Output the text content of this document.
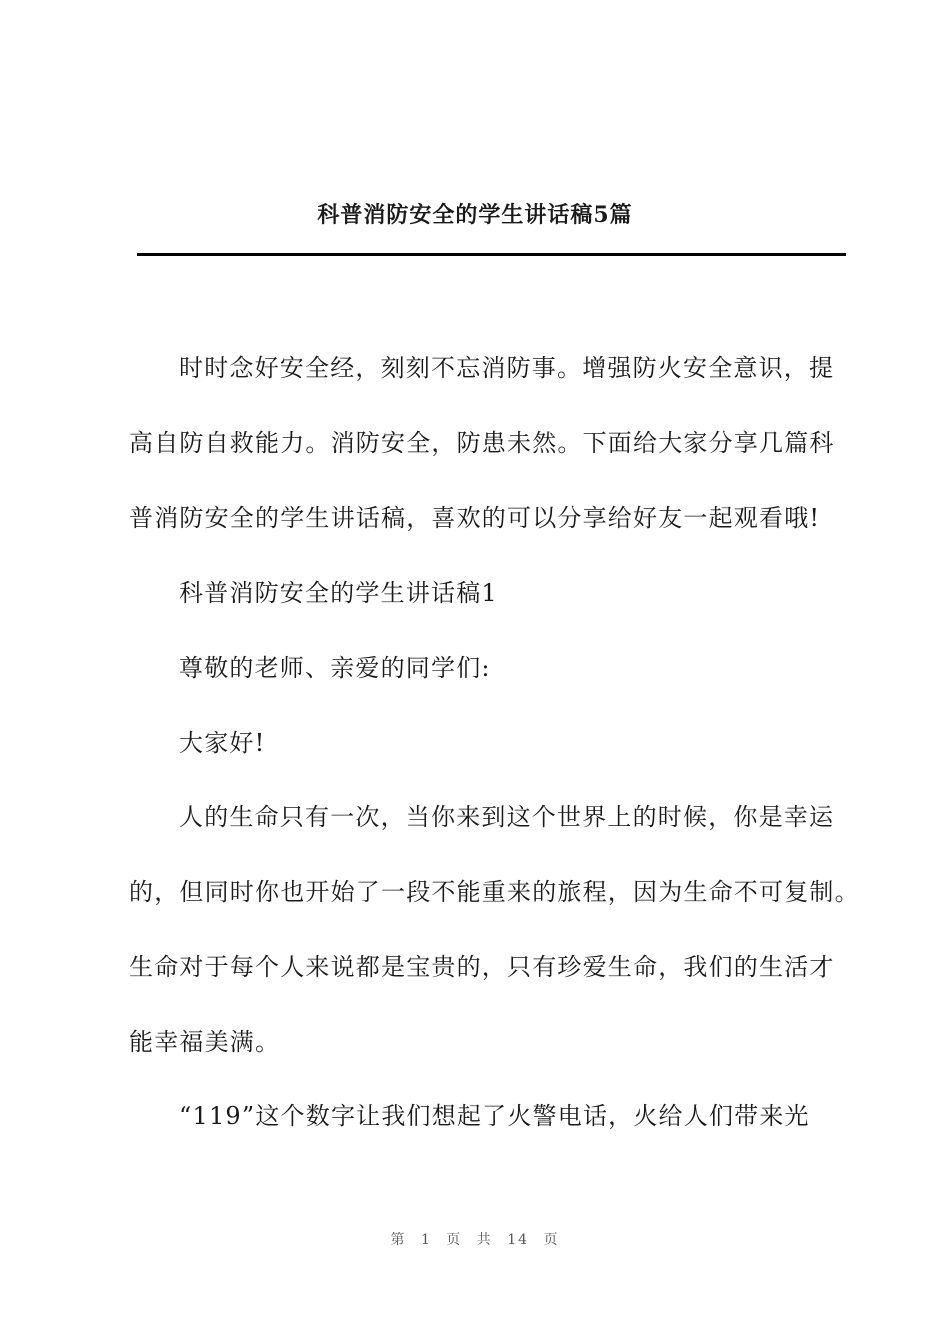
科普消防安全的学生讲话稿5篇
时时念好安全经，刻刻不忘消防事。增强防火安全意识，提
高自防自救能力。消防安全，防患未然。下面给大家分享几篇科
普消防安全的学生讲话稿，喜欢的可以分享给好友一起观看哦!
科普消防安全的学生讲话稿1
尊敬的老师、亲爱的同学们:
大家好!
人的生命只有一次，当你来到这个世界上的时候，你是幸运
的，但同时你也开始了一段不能重来的旅程，因为生命不可复制。
生命对于每个人来说都是宝贵的，只有珍爱生命，我们的生活才
能幸福美满。
“119”这个数字让我们想起了火警电话，火给人们带来光
第 1 页 共 14 页
